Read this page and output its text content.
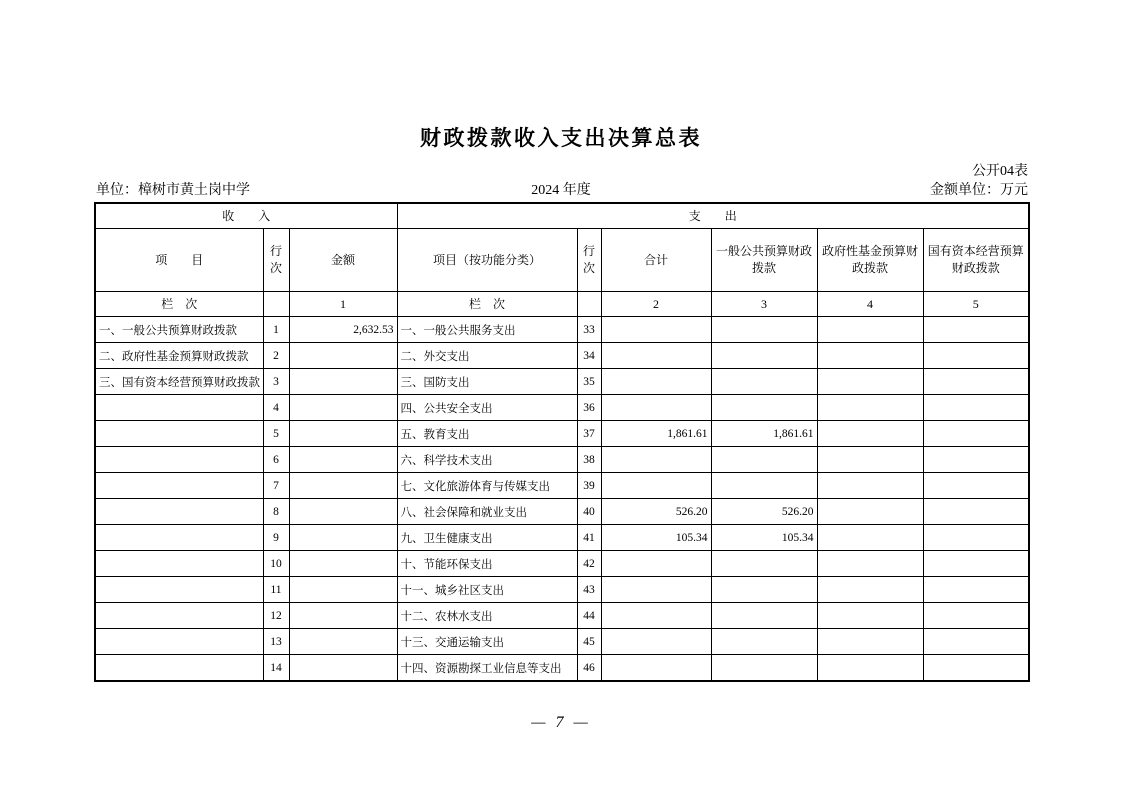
财政拨款收入支出决算总表
公开04表
单位：樟树市黄土岗中学	2024 年度	金额单位：万元
收　　入			支　　出					
项　　目	行次	金额	项目（按功能分类）	行次	合计	一般公共预算财政拨款	政府性基金预算财政拨款	国有资本经营预算财政拨款
栏　次		1	栏　次		2	3	4	5
一、一般公共预算财政拨款	1	2,632.53	一、一般公共服务支出	33				
二、政府性基金预算财政拨款	2		二、外交支出	34				
三、国有资本经营预算财政拨款	3		三、国防支出	35				
	4		四、公共安全支出	36				
	5		五、教育支出	37	1,861.61	1,861.61		
	6		六、科学技术支出	38				
	7		七、文化旅游体育与传媒支出	39				
	8		八、社会保障和就业支出	40	526.20	526.20		
	9		九、卫生健康支出	41	105.34	105.34		
	10		十、节能环保支出	42				
	11		十一、城乡社区支出	43				
	12		十二、农林水支出	44				
	13		十三、交通运输支出	45				
	14		十四、资源勘探工业信息等支出	46				
— 7 —
